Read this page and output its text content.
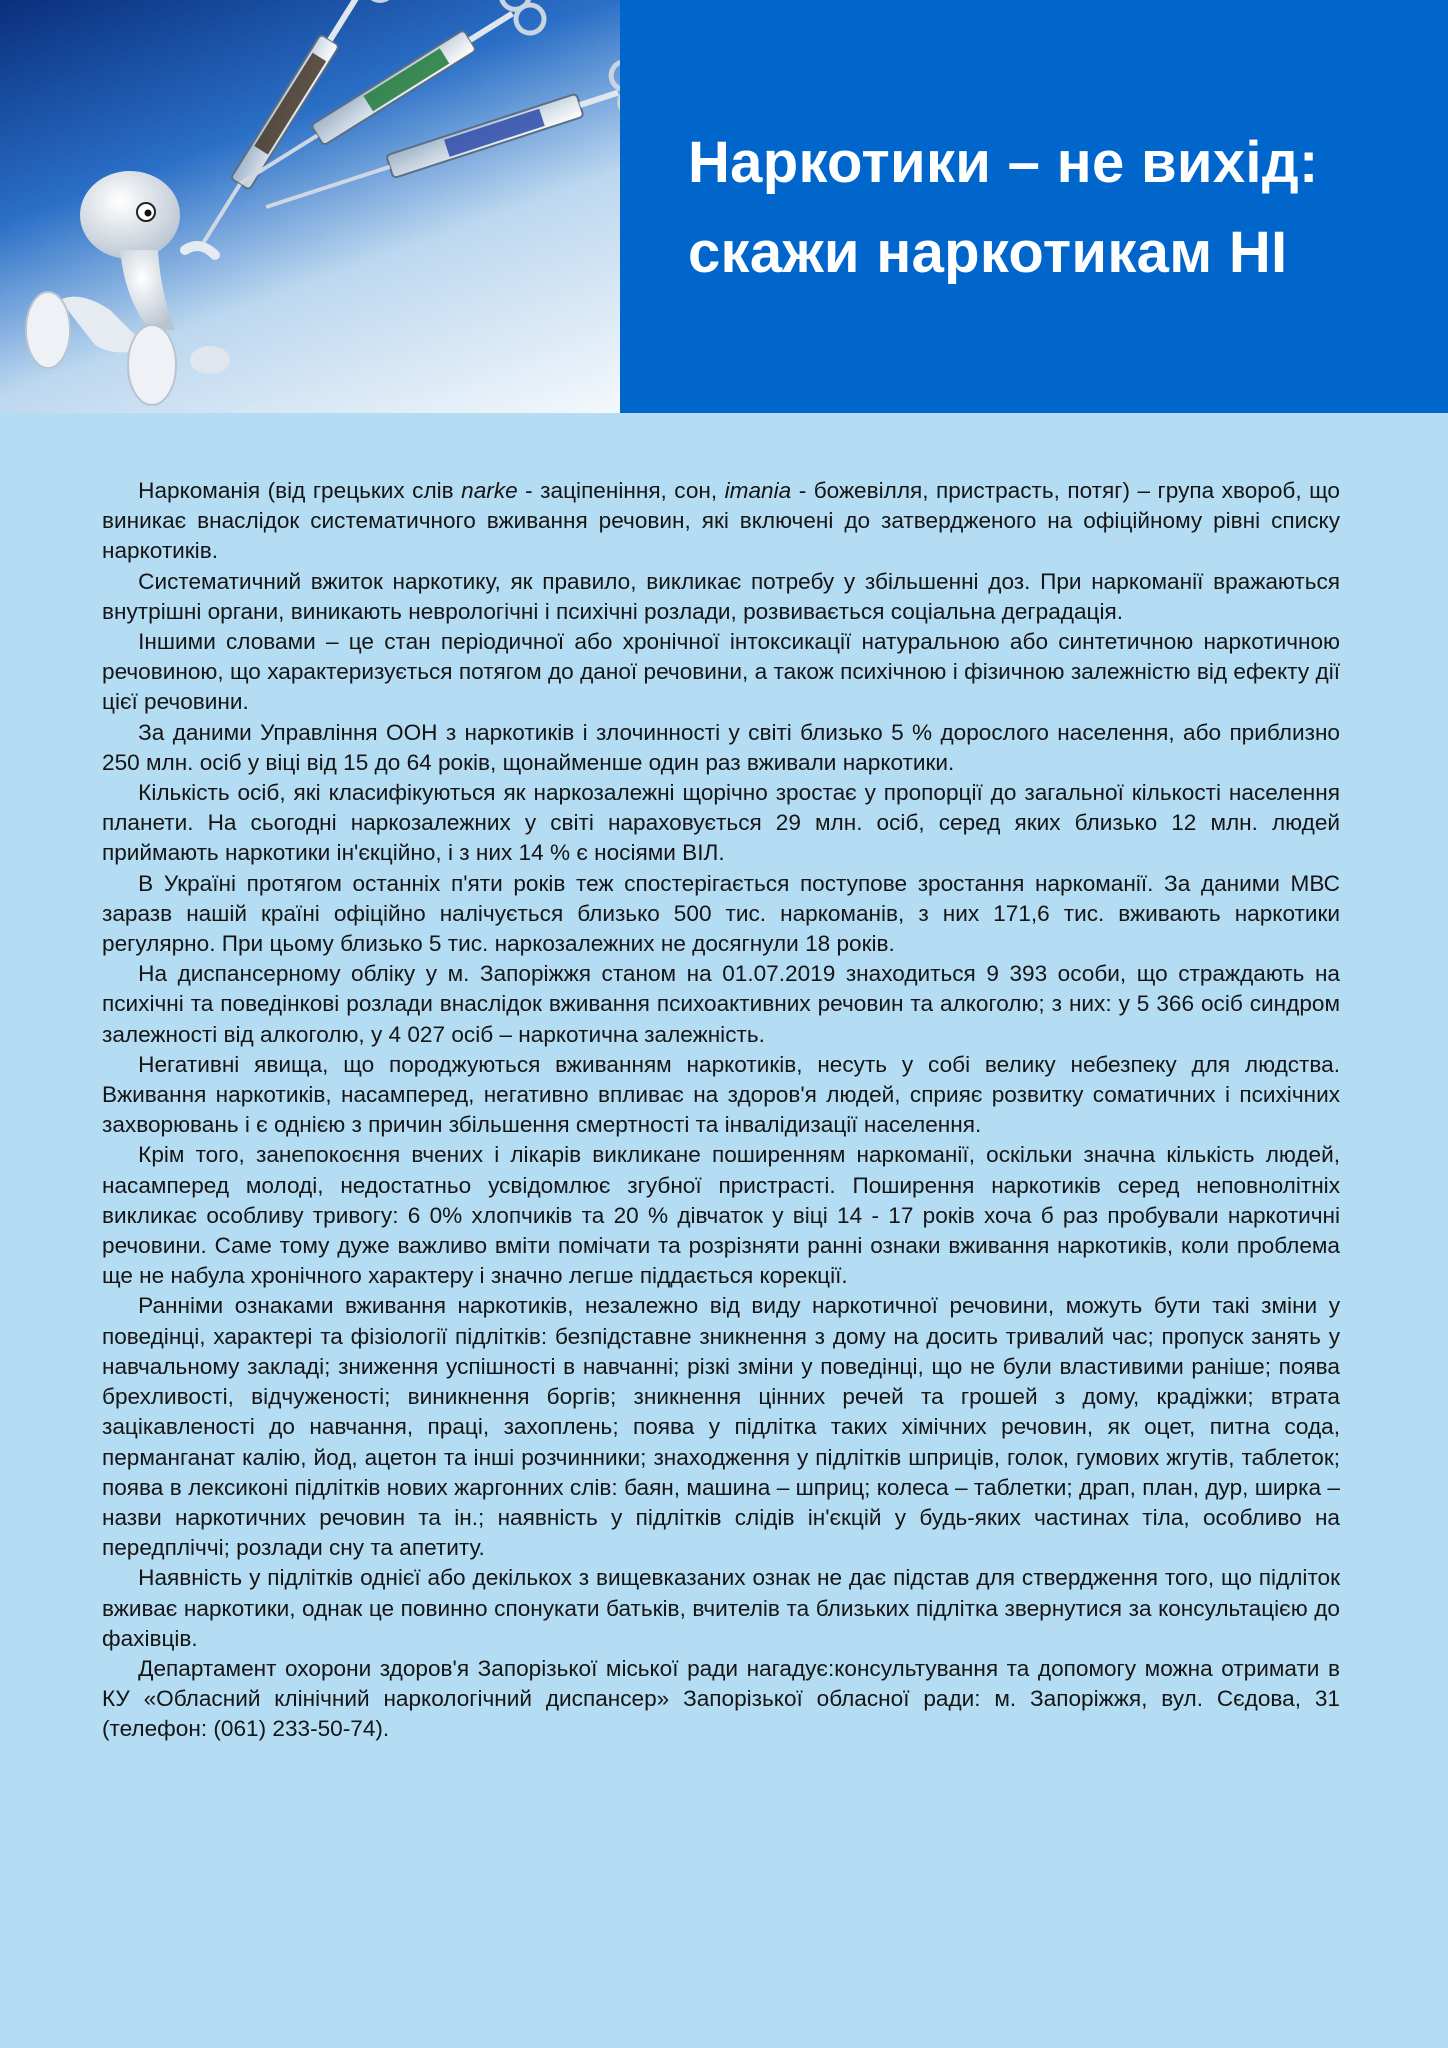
Наркотики – не вихід:
скажи наркотикам НІ

Наркоманія (від грецьких слів narke - заціпеніння, сон, imania - божевілля, пристрасть, потяг) – група хвороб, що виникає внаслідок систематичного вживання речовин, які включені до затвердженого на офіційному рівні списку наркотиків.

Систематичний вжиток наркотику, як правило, викликає потребу у збільшенні доз. При наркоманії вражаються внутрішні органи, виникають неврологічні і психічні розлади, розвивається соціальна деградація.

Іншими словами – це стан періодичної або хронічної інтоксикації натуральною або синтетичною наркотичною речовиною, що характеризується потягом до даної речовини, а також психічною і фізичною залежністю від ефекту дії цієї речовини.

За даними Управління ООН з наркотиків і злочинності у світі близько 5 % дорослого населення, або приблизно 250 млн. осіб у віці від 15 до 64 років, щонайменше один раз вживали наркотики.

Кількість осіб, які класифікуються як наркозалежні щорічно зростає у пропорції до загальної кількості населення планети. На сьогодні наркозалежних у світі нараховується 29 млн. осіб, серед яких близько 12 млн. людей приймають наркотики ін'єкційно, і з них 14 % є носіями ВІЛ.

В Україні протягом останніх п'яти років теж спостерігається поступове зростання наркоманії. За даними МВС заразв нашій країні офіційно налічується близько 500 тис. наркоманів, з них 171,6 тис. вживають наркотики регулярно. При цьому близько 5 тис. наркозалежних не досягнули 18 років.

На диспансерному обліку у м. Запоріжжя станом на 01.07.2019 знаходиться 9 393 особи, що страждають на психічні та поведінкові розлади внаслідок вживання психоактивних речовин та алкоголю; з них: у 5 366 осіб синдром залежності від алкоголю, у 4 027 осіб – наркотична залежність.

Негативні явища, що породжуються вживанням наркотиків, несуть у собі велику небезпеку для людства. Вживання наркотиків, насамперед, негативно впливає на здоров'я людей, сприяє розвитку соматичних і психічних захворювань і є однією з причин збільшення смертності та інвалідизації населення.

Крім того, занепокоєння вчених і лікарів викликане поширенням наркоманії, оскільки значна кількість людей, насамперед молоді, недостатньо усвідомлює згубної пристрасті. Поширення наркотиків серед неповнолітніх викликає особливу тривогу: 6 0% хлопчиків та 20 % дівчаток у віці 14 - 17 років хоча б раз пробували наркотичні речовини. Саме тому дуже важливо вміти помічати та розрізняти ранні ознаки вживання наркотиків, коли проблема ще не набула хронічного характеру і значно легше піддається корекції.

Ранніми ознаками вживання наркотиків, незалежно від виду наркотичної речовини, можуть бути такі зміни у поведінці, характері та фізіології підлітків: безпідставне зникнення з дому на досить тривалий час; пропуск занять у навчальному закладі; зниження успішності в навчанні; різкі зміни у поведінці, що не були властивими раніше; поява брехливості, відчуженості; виникнення боргів; зникнення цінних речей та грошей з дому, крадіжки; втрата зацікавленості до навчання, праці, захоплень; поява у підлітка таких хімічних речовин, як оцет, питна сода, перманганат калію, йод, ацетон та інші розчинники; знаходження у підлітків шприців, голок, гумових жгутів, таблеток; поява в лексиконі підлітків нових жаргонних слів: баян, машина – шприц; колеса – таблетки; драп, план, дур, ширка – назви наркотичних речовин та ін.; наявність у підлітків слідів ін'єкцій у будь-яких частинах тіла, особливо на передпліччі; розлади сну та апетиту.

Наявність у підлітків однієї або декількох з вищевказаних ознак не дає підстав для ствердження того, що підліток вживає наркотики, однак це повинно спонукати батьків, вчителів та близьких підлітка звернутися за консультацією до фахівців.

Департамент охорони здоров'я Запорізької міської ради нагадує:консультування та допомогу можна отримати в КУ «Обласний клінічний наркологічний диспансер» Запорізької обласної ради: м. Запоріжжя, вул. Сєдова, 31 (телефон: (061) 233-50-74).
